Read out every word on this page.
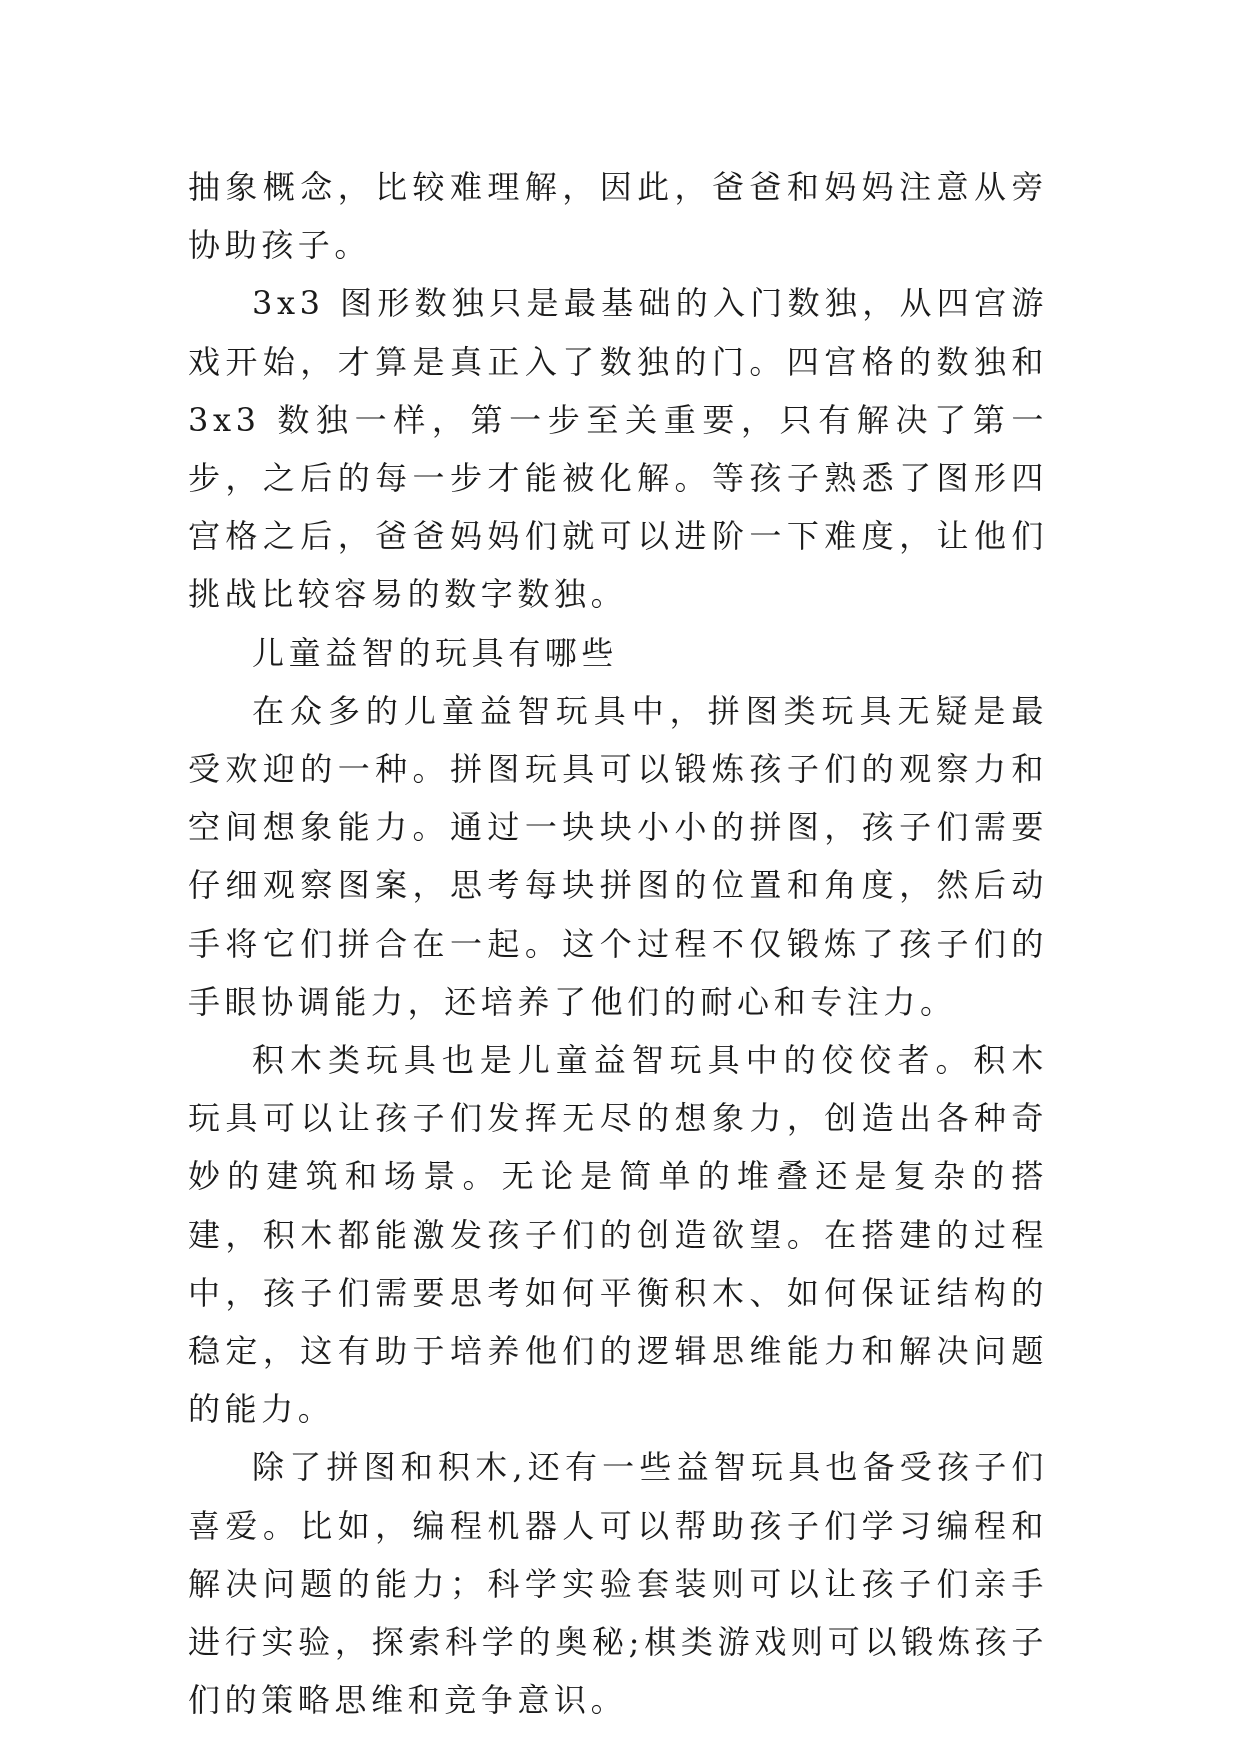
抽象概念，比较难理解，因此，爸爸和妈妈注意从旁协助孩子。

3x3 图形数独只是最基础的入门数独，从四宫游戏开始，才算是真正入了数独的门。四宫格的数独和 3x3 数独一样，第一步至关重要，只有解决了第一步，之后的每一步才能被化解。等孩子熟悉了图形四宫格之后，爸爸妈妈们就可以进阶一下难度，让他们挑战比较容易的数字数独。

儿童益智的玩具有哪些

在众多的儿童益智玩具中，拼图类玩具无疑是最受欢迎的一种。拼图玩具可以锻炼孩子们的观察力和空间想象能力。通过一块块小小的拼图，孩子们需要仔细观察图案，思考每块拼图的位置和角度，然后动手将它们拼合在一起。这个过程不仅锻炼了孩子们的手眼协调能力，还培养了他们的耐心和专注力。

积木类玩具也是儿童益智玩具中的佼佼者。积木玩具可以让孩子们发挥无尽的想象力，创造出各种奇妙的建筑和场景。无论是简单的堆叠还是复杂的搭建，积木都能激发孩子们的创造欲望。在搭建的过程中，孩子们需要思考如何平衡积木、如何保证结构的稳定，这有助于培养他们的逻辑思维能力和解决问题的能力。

除了拼图和积木,还有一些益智玩具也备受孩子们喜爱。比如，编程机器人可以帮助孩子们学习编程和解决问题的能力；科学实验套装则可以让孩子们亲手进行实验，探索科学的奥秘;棋类游戏则可以锻炼孩子们的策略思维和竞争意识。
